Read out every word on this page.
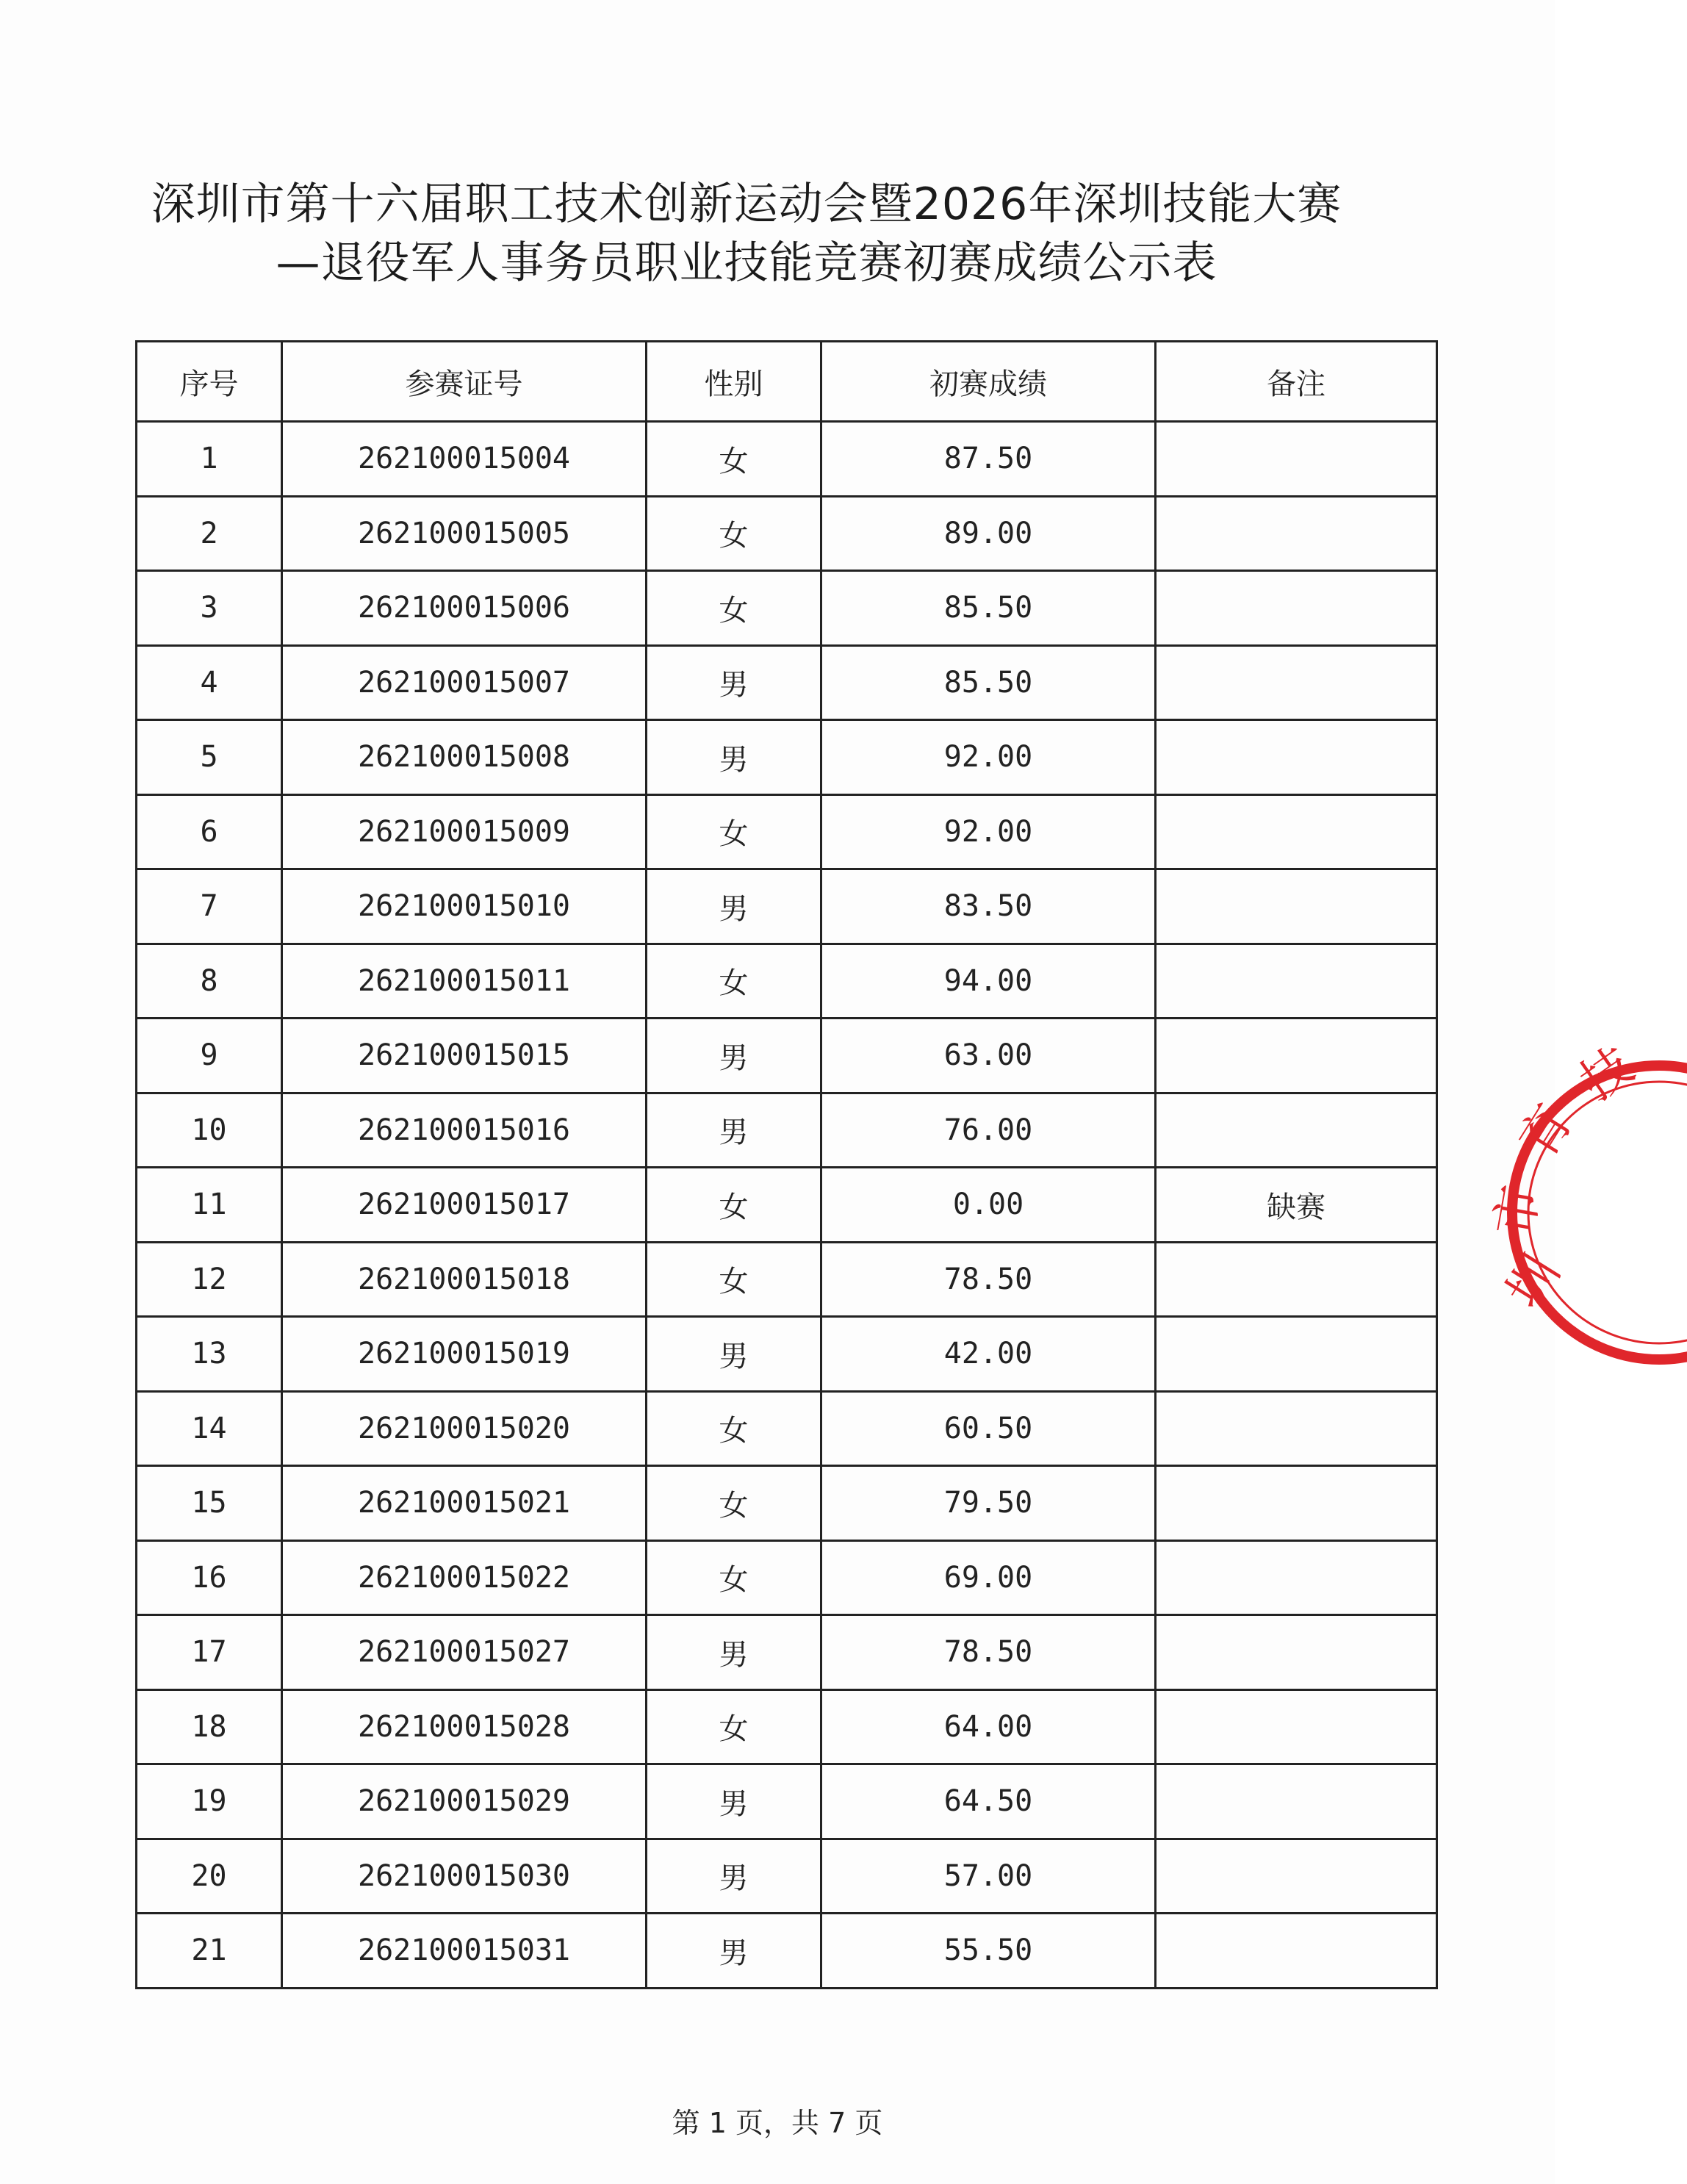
深圳市第十六届职工技术创新运动会暨2026年深圳技能大赛
—退役军人事务员职业技能竞赛初赛成绩公示表
序号	参赛证号	性别	初赛成绩	备注
1	262100015004	女	87.50	
2	262100015005	女	89.00	
3	262100015006	女	85.50	
4	262100015007	男	85.50	
5	262100015008	男	92.00	
6	262100015009	女	92.00	
7	262100015010	男	83.50	
8	262100015011	女	94.00	
9	262100015015	男	63.00	
10	262100015016	男	76.00	
11	262100015017	女	0.00	缺赛
12	262100015018	女	78.50	
13	262100015019	男	42.00	
14	262100015020	女	60.50	
15	262100015021	女	79.50	
16	262100015022	女	69.00	
17	262100015027	男	78.50	
18	262100015028	女	64.00	
19	262100015029	男	64.50	
20	262100015030	男	57.00	
21	262100015031	男	55.50	
第 1 页，共 7 页
圳
市
育
技
